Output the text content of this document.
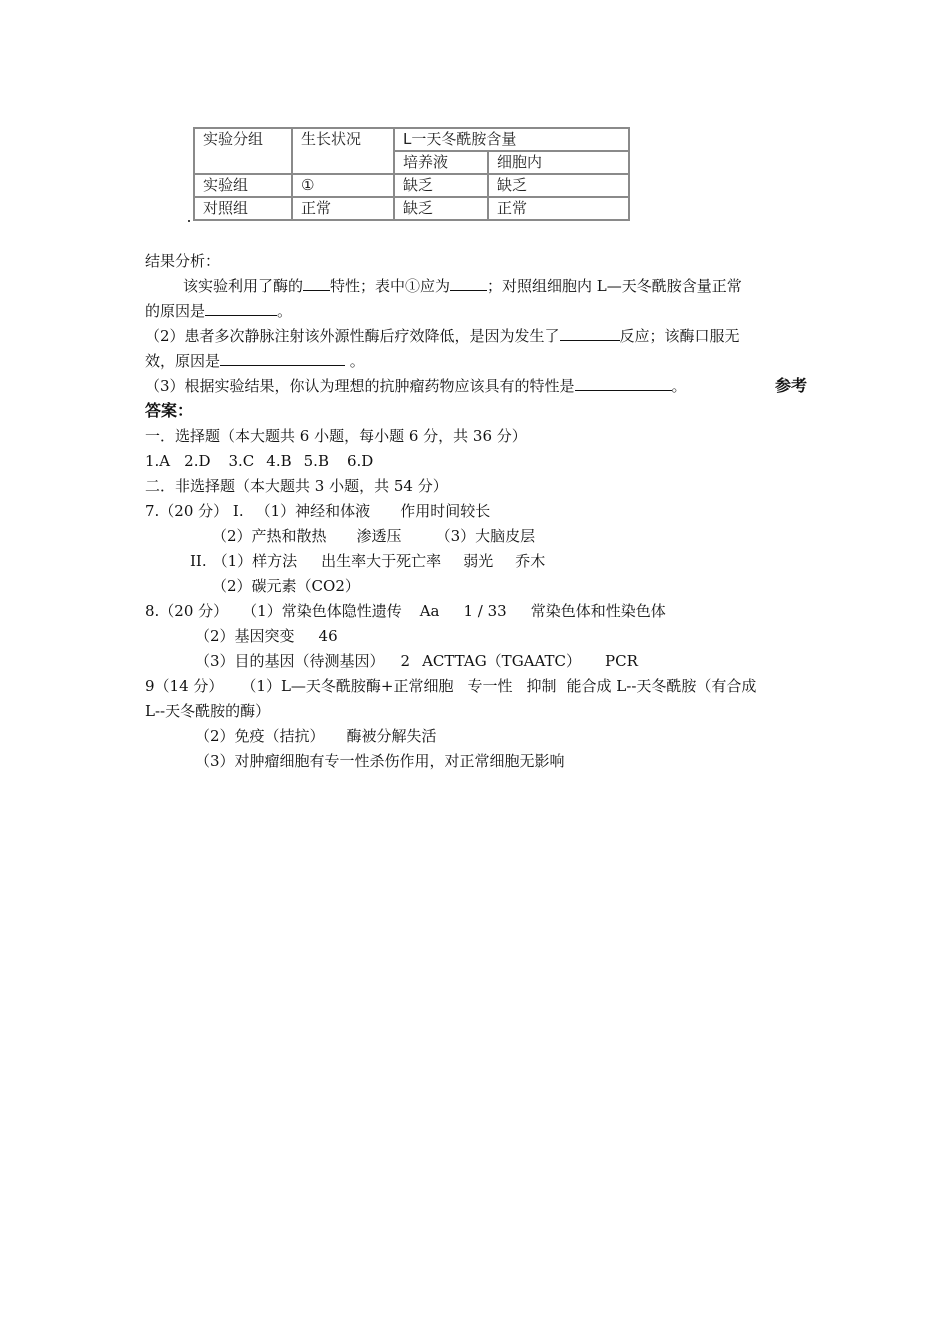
实验分组	生长状况	L一天冬酰胺含量	
		培养液	细胞内
实验组	①	缺乏	缺乏
对照组	正常	缺乏	正常
结果分析：
该实验利用了酶的 特性；表中①应为 ；对照组细胞内 L—天冬酰胺含量正常
的原因是	。
（2）患者多次静脉注射该外源性酶后疗效降低，是因为发生了	反应；该酶口服无
效，原因是	。
（3）根据实验结果，你认为理想的抗肿瘤药物应该具有的特性是	。	参考
答案：
一．选择题（本大题共 6 小题，每小题 6 分，共 36 分）
1.A 2.D 3.C 4.B 5.B 6.D
二．非选择题（本大题共 3 小题，共 54 分）
7.（20 分） I. （1）神经和体液 作用时间较长
（2）产热和散热 渗透压 （3）大脑皮层
II. （1）样方法 出生率大于死亡率 弱光 乔木
（2）碳元素（CO2）
8.（20 分） （1）常染色体隐性遗传 Aa 1 / 33 常染色体和性染色体
（2）基因突变 46
（3）目的基因（待测基因） 2 ACTTAG（TGAATC） PCR
9（14 分） （1）L—天冬酰胺酶+正常细胞 专一性 抑制 能合成 L--天冬酰胺（有合成
L--天冬酰胺的酶）
（2）免疫（拮抗） 酶被分解失活
（3）对肿瘤细胞有专一性杀伤作用，对正常细胞无影响
